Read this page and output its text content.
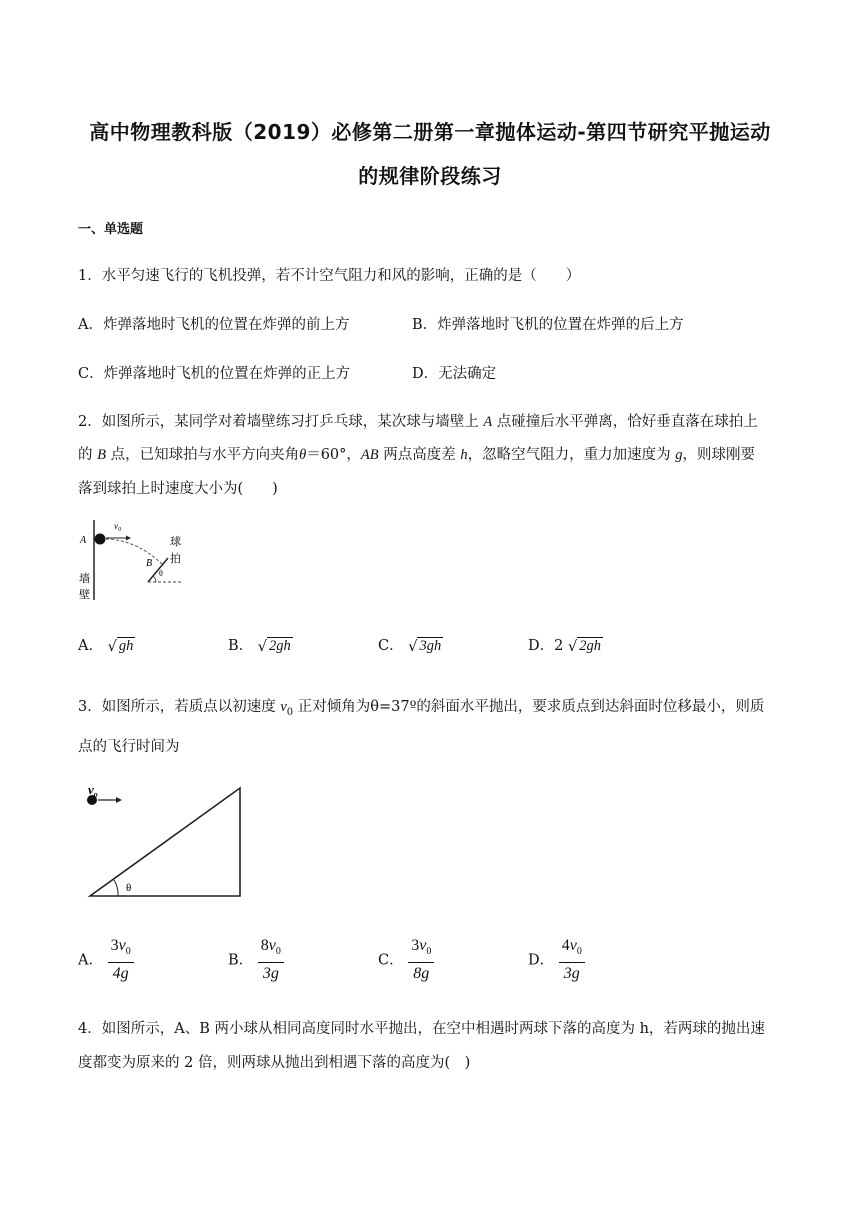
高中物理教科版（2019）必修第二册第一章抛体运动-第四节研究平抛运动
的规律阶段练习
一、单选题
1．水平匀速飞行的飞机投弹，若不计空气阻力和风的影响，正确的是（　　）
A．炸弹落地时飞机的位置在炸弹的前上方	B．炸弹落地时飞机的位置在炸弹的后上方
C．炸弹落地时飞机的位置在炸弹的正上方	D．无法确定
2．如图所示，某同学对着墙壁练习打乒乓球，某次球与墙壁上 A 点碰撞后水平弹离，恰好垂直落在球拍上
的 B 点，已知球拍与水平方向夹角θ＝60°，AB 两点高度差 h，忽略空气阻力，重力加速度为 g，则球刚要
落到球拍上时速度大小为(　　)
$v_0$
A
B
θ
球
拍
墙
壁
A． √ gh	B． √ 2gh	C． √ 3gh	D．2 √ 2gh
3．如图所示，若质点以初速度 $v_0$ 正对倾角为θ=37º的斜面水平抛出，要求质点到达斜面时位移最小，则质
点的飞行时间为
$v_o$
θ
A． $\frac{3v_0}{4g}$	B． $\frac{8v_0}{3g}$	C． $\frac{3v_0}{8g}$	D． $\frac{4v_0}{3g}$
4．如图所示，A、B 两小球从相同高度同时水平抛出，在空中相遇时两球下落的高度为 h，若两球的抛出速
度都变为原来的 2 倍，则两球从抛出到相遇下落的高度为(　)
